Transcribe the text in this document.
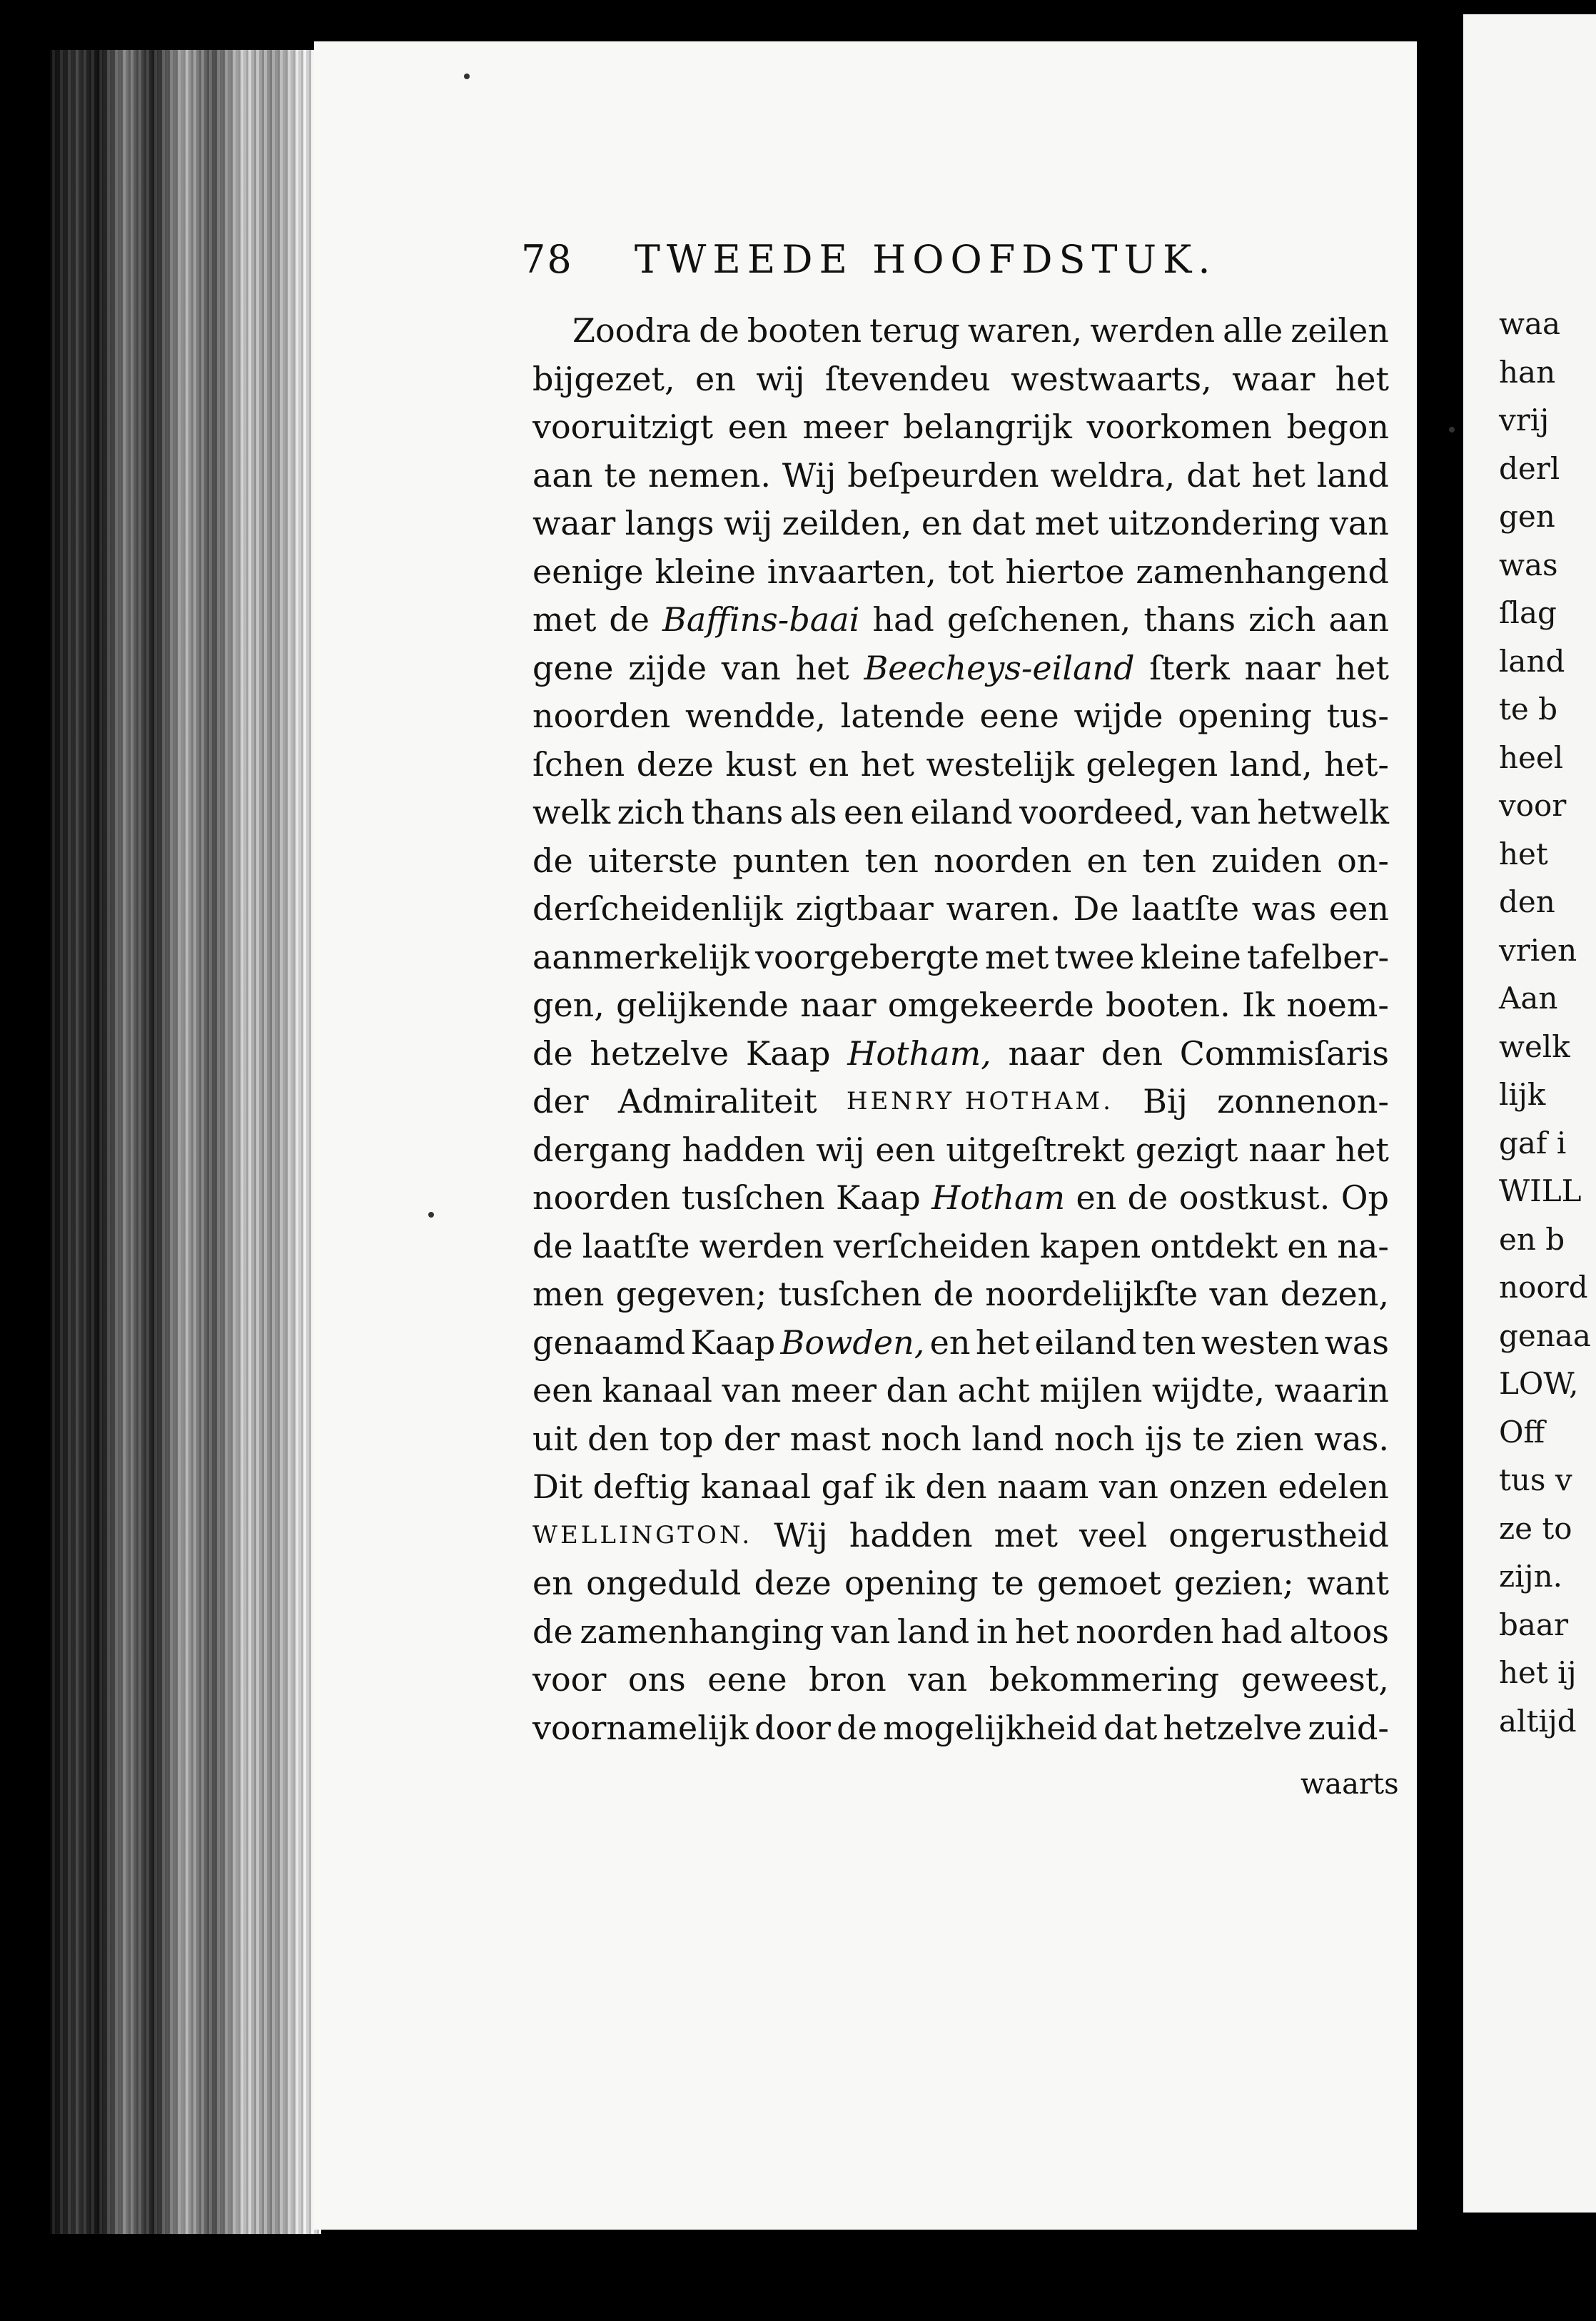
78 TWEEDE HOOFDSTUK.
Zoodra de booten terug waren, werden alle zeilen
bijgezet, en wij ſtevendeu westwaarts, waar het
vooruitzigt een meer belangrijk voorkomen begon
aan te nemen. Wij beſpeurden weldra, dat het land
waar langs wij zeilden, en dat met uitzondering van
eenige kleine invaarten, tot hiertoe zamenhangend
met de Baffins-baai had geſchenen, thans zich aan
gene zijde van het Beecheys-eiland ſterk naar het
noorden wendde, latende eene wijde opening tus-
ſchen deze kust en het westelijk gelegen land, het-
welk zich thans als een eiland voordeed, van hetwelk
de uiterste punten ten noorden en ten zuiden on-
derſcheidenlijk zigtbaar waren. De laatſte was een
aanmerkelijk voorgebergte met twee kleine tafelber-
gen, gelijkende naar omgekeerde booten. Ik noem-
de hetzelve Kaap Hotham, naar den Commisſaris
der Admiraliteit HENRY HOTHAM. Bij zonnenon-
dergang hadden wij een uitgeſtrekt gezigt naar het
noorden tusſchen Kaap Hotham en de oostkust. Op
de laatſte werden verſcheiden kapen ontdekt en na-
men gegeven; tusſchen de noordelijkſte van dezen,
genaamd Kaap Bowden, en het eiland ten westen was
een kanaal van meer dan acht mijlen wijdte, waarin
uit den top der mast noch land noch ijs te zien was.
Dit deftig kanaal gaf ik den naam van onzen edelen
WELLINGTON. Wij hadden met veel ongerustheid
en ongeduld deze opening te gemoet gezien; want
de zamenhanging van land in het noorden had altoos
voor ons eene bron van bekommering geweest,
voornamelijk door de mogelijkheid dat hetzelve zuid-
waarts
waa
han
vrij
derl
gen
was
ſlag
land
te b
heel
voor
het
den
vrien
Aan
welk
lijk
gaf i
WILL
en b
noord
genaa
LOW,
Off
tus v
ze to
zijn.
baar
het ij
altijd
